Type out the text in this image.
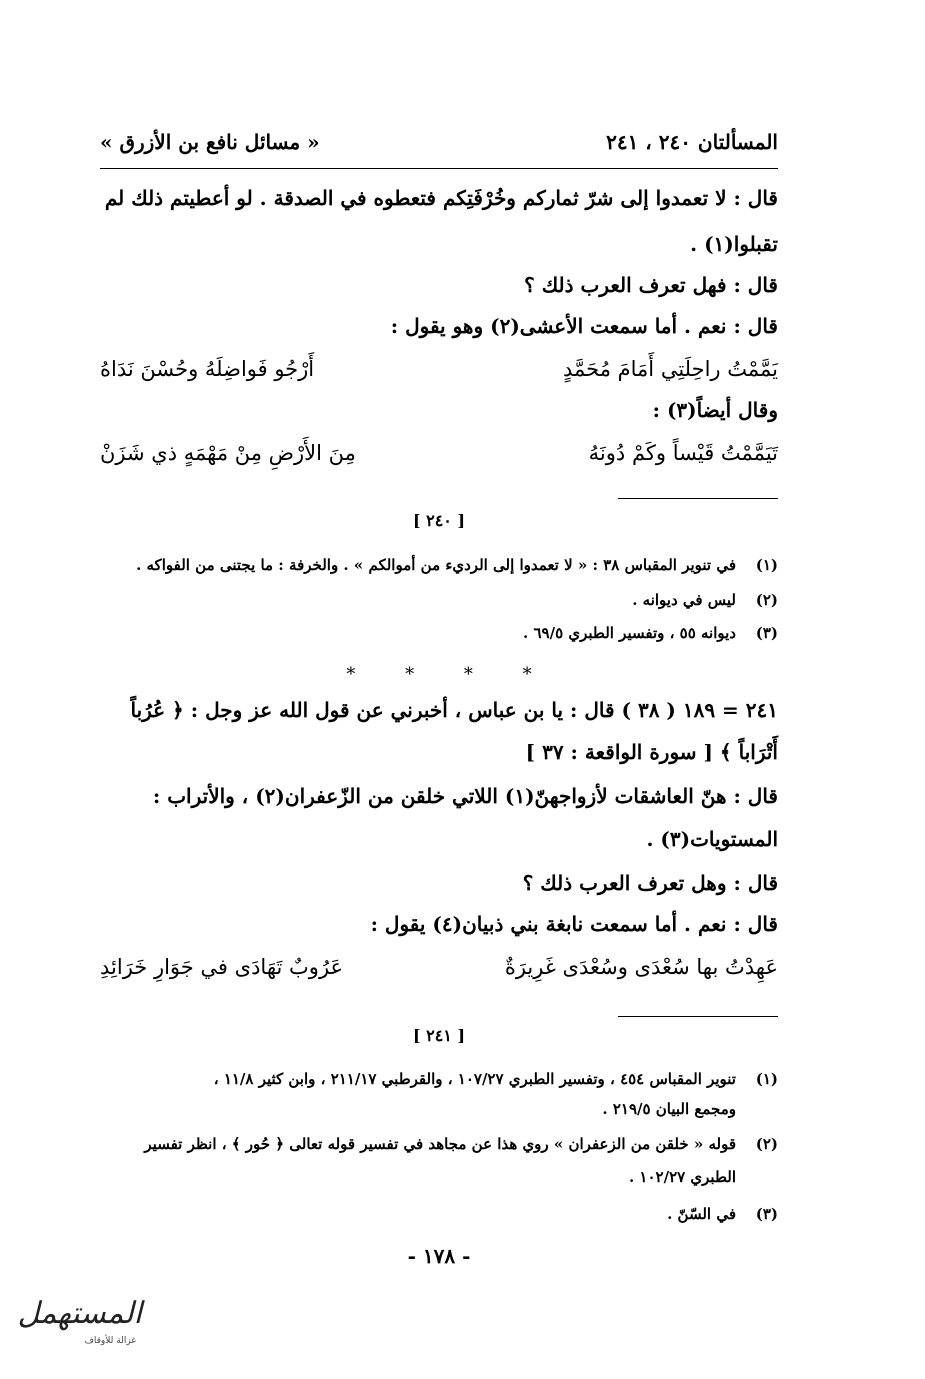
المسألتان ٢٤٠ ، ٢٤١
« مسائل نافع بن الأزرق »
قال : لا تعمدوا إلى شرّ ثماركم وخُرْفَتِكم فتعطوه في الصدقة . لو أعطيتم ذلك لم
تقبلوا(١) .
قال : فهل تعرف العرب ذلك ؟
قال : نعم . أما سمعت الأعشى(٢) وهو يقول :
يَمَّمْتُ راحِلَتِي أَمَامَ مُحَمَّدٍ
أَرْجُو فَواضِلَهُ وحُسْنَ نَدَاهُ
وقال أيضاً(٣) :
تَيَمَّمْتُ قَيْساً وكَمْ دُونَهُ
مِنَ الأَرْضِ مِنْ مَهْمَهٍ ذي شَزَنْ
[ ٢٤٠ ]
(١)في تنوير المقباس ٣٨ : « لا تعمدوا إلى الرديء من أموالكم » . والخرفة : ما يجتنى من الفواكه .
(٢)ليس في ديوانه .
(٣)ديوانه ٥٥ ، وتفسير الطبري ٦٩/٥ .
* * * *
٢٤١ = ١٨٩ ( ٣٨ ) قال : يا بن عباس ، أخبرني عن قول الله عز وجل : ﴿ عُرُباً
أَتْرَاباً ﴾ [ سورة الواقعة : ٣٧ ]
قال : هنّ العاشقات لأزواجهنّ(١) اللاتي خلقن من الزّعفران(٢) ، والأتراب :
المستويات(٣) .
قال : وهل تعرف العرب ذلك ؟
قال : نعم . أما سمعت نابغة بني ذبيان(٤) يقول :
عَهِدْتُ بها سُعْدَى وسُعْدَى غَرِيرَةٌ
عَرُوبٌ تَهَادَى في جَوَارِ خَرَائِدِ
[ ٢٤١ ]
(١)تنوير المقباس ٤٥٤ ، وتفسير الطبري ١٠٧/٢٧ ، والقرطبي ٢١١/١٧ ، وابن كثير ١١/٨ ،
ومجمع البيان ٢١٩/٥ .
(٢)قوله « خلقن من الزعفران » روي هذا عن مجاهد في تفسير قوله تعالى ﴿ حُور ﴾ ، انظر تفسير
الطبري ١٠٢/٢٧ .
(٣)في السّنّ .
- ١٧٨ -
المستهمل
غزالة للأوقاف
